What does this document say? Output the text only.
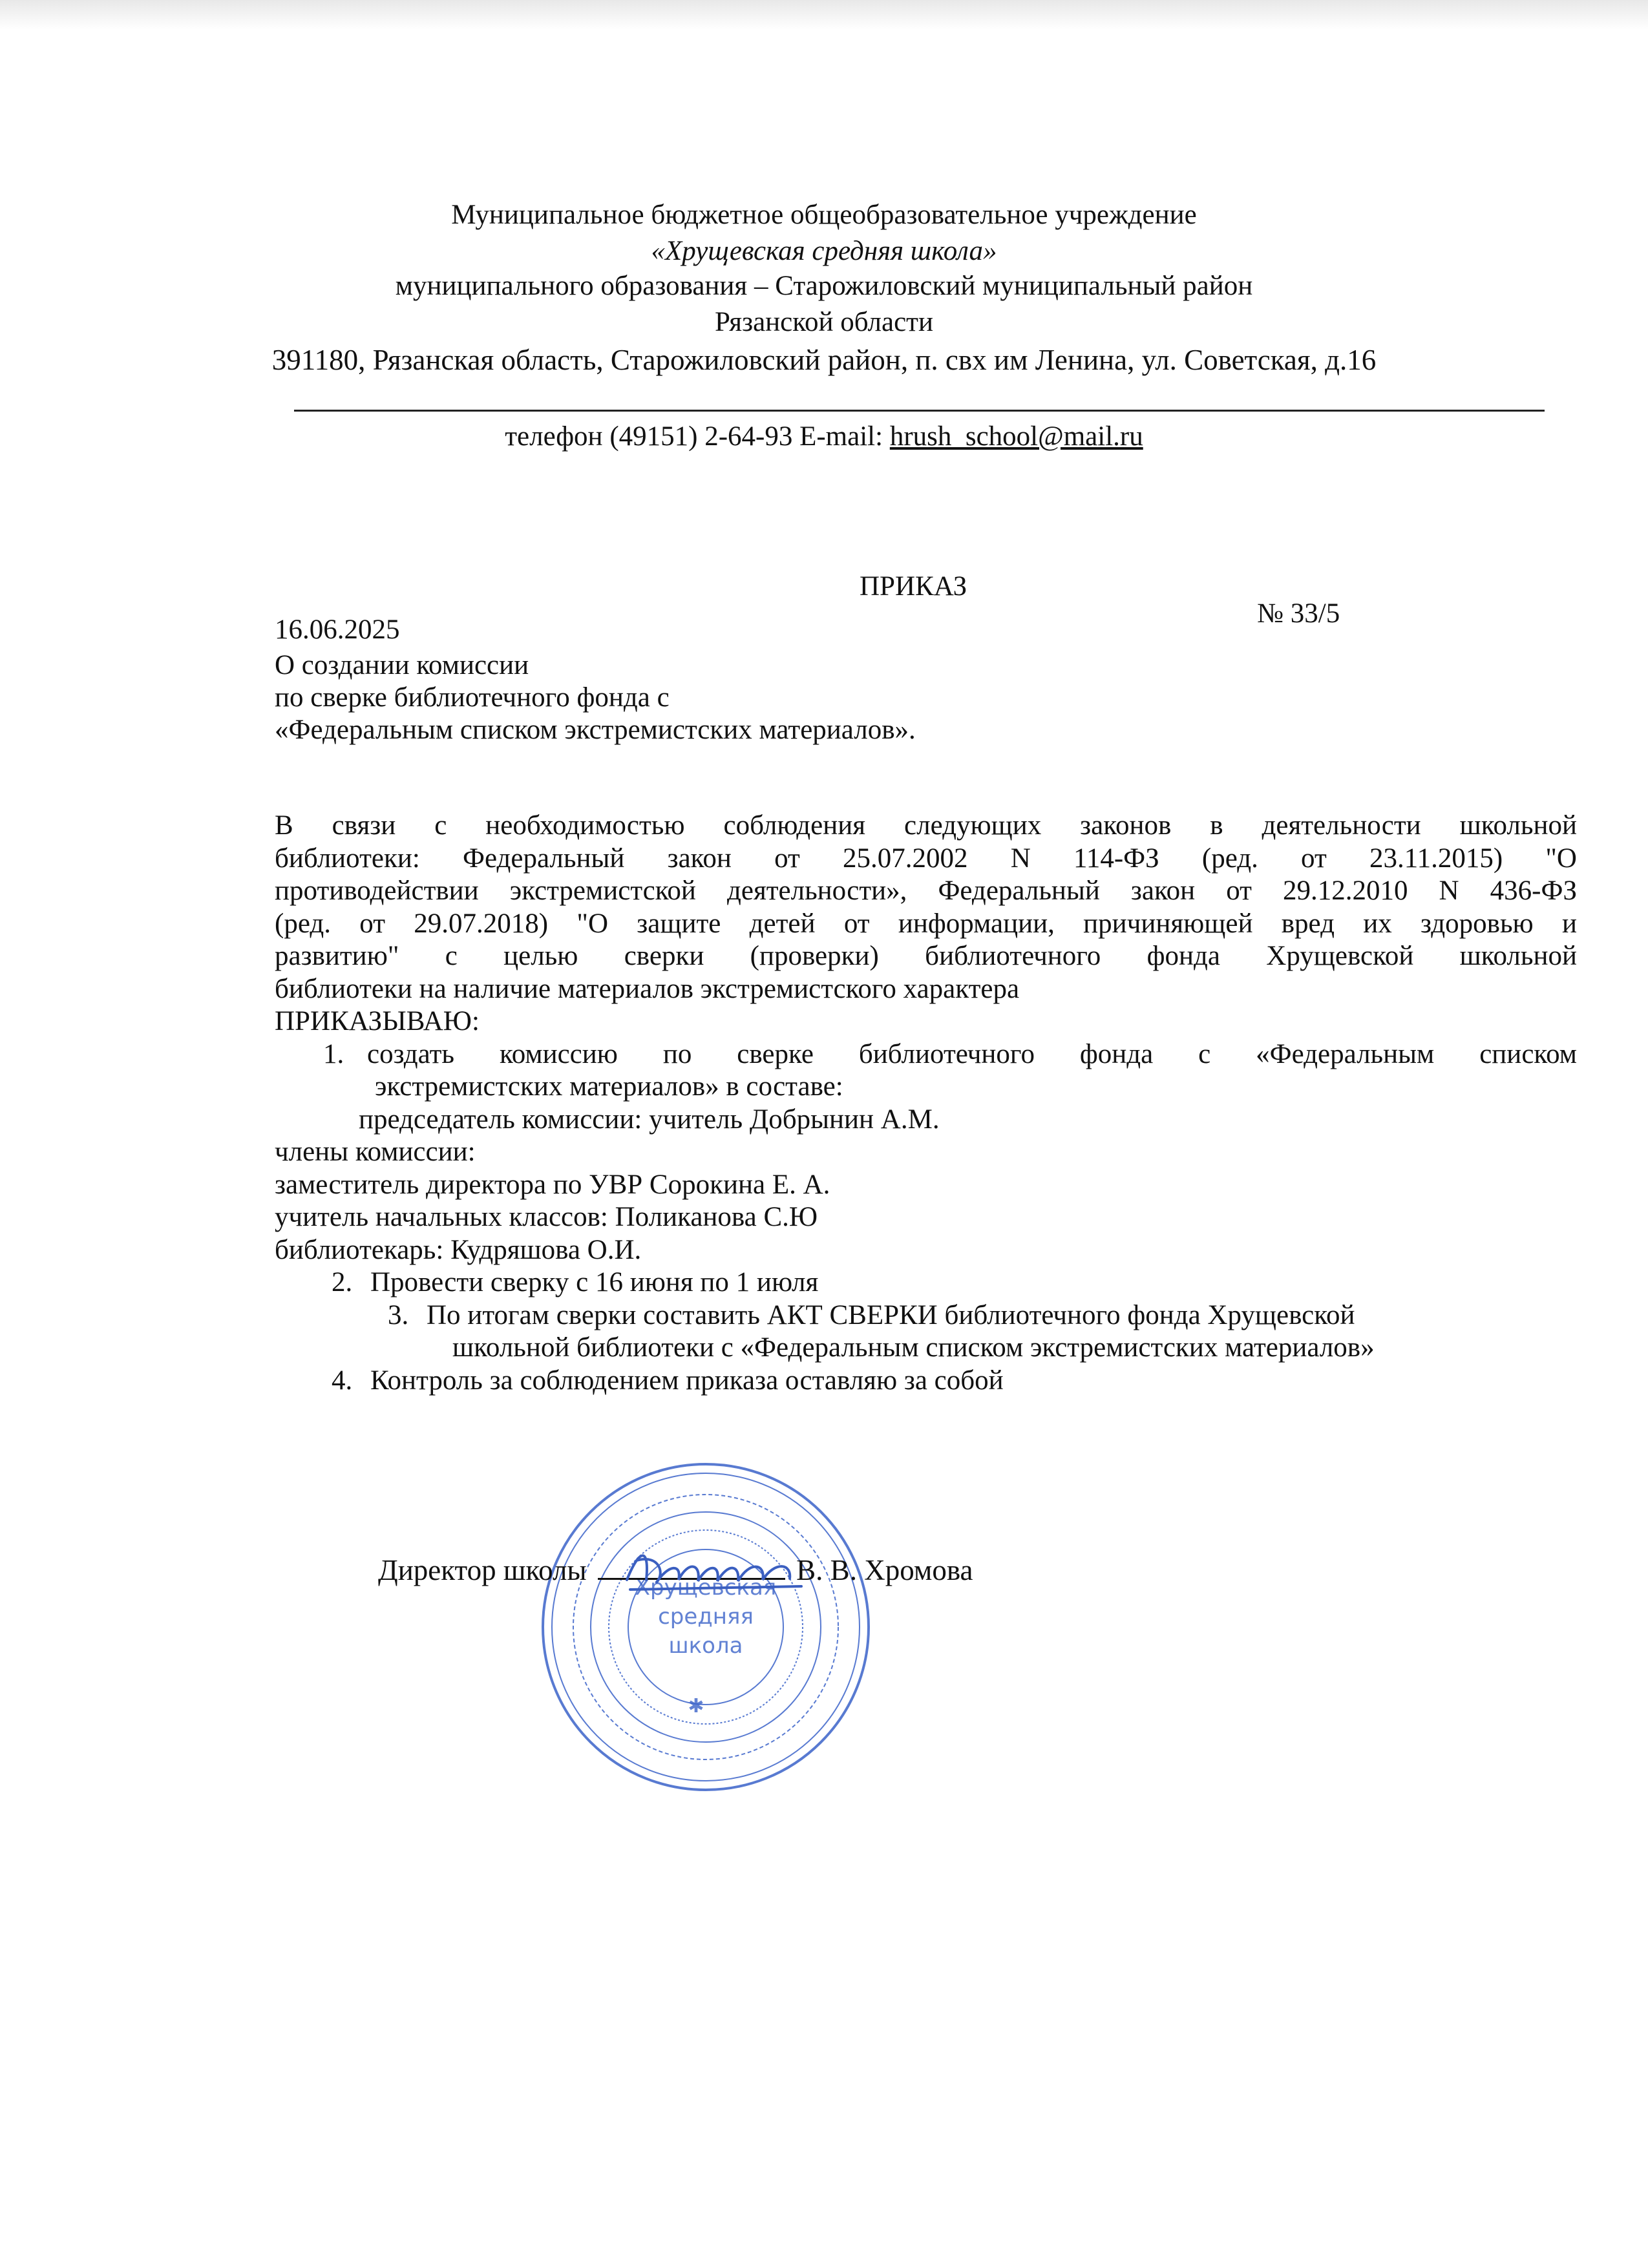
Муниципальное бюджетное общеобразовательное учреждение
«Хрущевская средняя школа»
муниципального образования – Старожиловский муниципальный район
Рязанской области
391180, Рязанская область, Старожиловский район, п. свх им Ленина, ул. Советская, д.16
телефон (49151) 2-64-93 E-mail: hrush_school@mail.ru
ПРИКАЗ
№ 33/5
16.06.2025
О создании комиссии
по сверке библиотечного фонда с
«Федеральным списком экстремистских материалов».
В связи с необходимостью соблюдения следующих законов в деятельности школьной
библиотеки: Федеральный закон от 25.07.2002 N 114-ФЗ (ред. от 23.11.2015) "О
противодействии экстремистской деятельности», Федеральный закон от 29.12.2010 N 436-ФЗ
(ред. от 29.07.2018) "О защите детей от информации, причиняющей вред их здоровью и
развитию" с целью сверки (проверки) библиотечного фонда Хрущевской школьной
библиотеки на наличие материалов экстремистского характера
ПРИКАЗЫВАЮ:
1. создать комиссию по сверке библиотечного фонда с «Федеральным списком
экстремистских материалов» в составе:
председатель комиссии: учитель Добрынин А.М.
члены комиссии:
заместитель директора по УВР Сорокина Е. А.
учитель начальных классов: Поликанова С.Ю
библиотекарь: Кудряшова О.И.
2. Провести сверку с 16 июня по 1 июля
3. По итогам сверки составить АКТ СВЕРКИ библиотечного фонда Хрущевской
школьной библиотеки с «Федеральным списком экстремистских материалов»
4. Контроль за соблюдением приказа оставляю за собой
Хрущевская
средняя
школа
✱
Директор школы	В. В. Хромова
